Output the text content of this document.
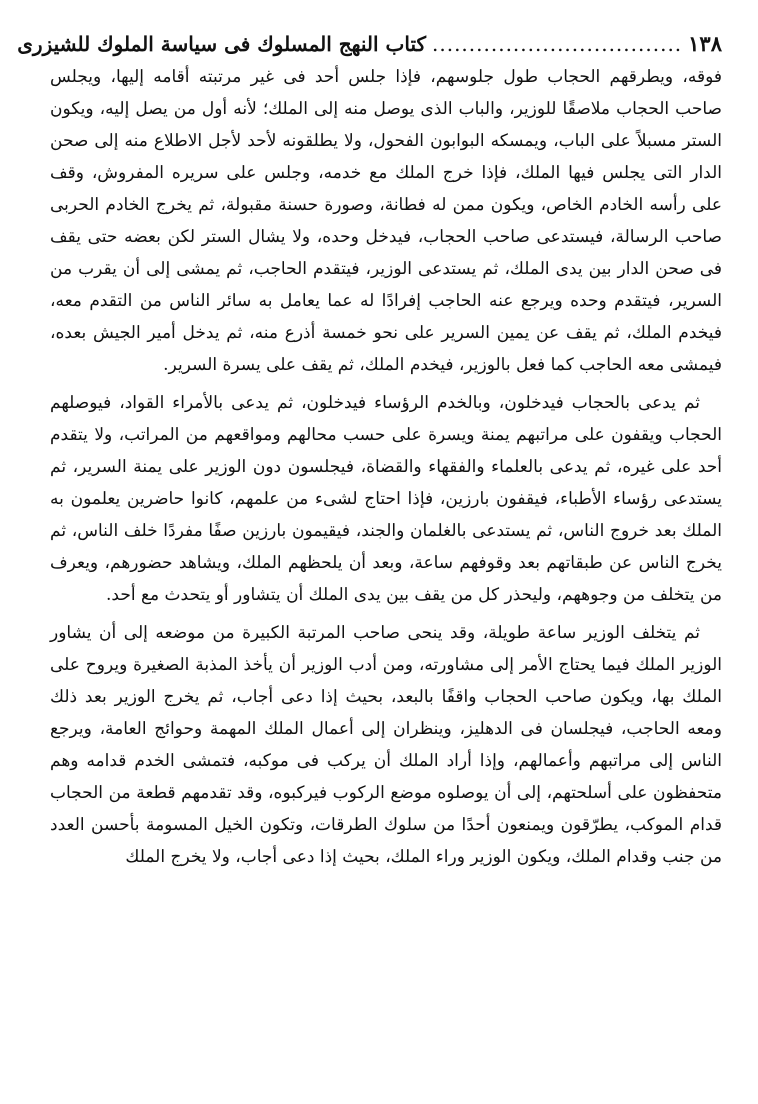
١٣٨
..................................
كتاب النهج المسلوك فى سياسة الملوك للشيزرى

فوقه، ويطرقهم الحجاب طول جلوسهم، فإذا جلس أحد فى غير مرتبته أقامه إليها، ويجلس صاحب الحجاب ملاصقًا للوزير، والباب الذى يوصل منه إلى الملك؛ لأنه أول من يصل إليه، ويكون الستر مسبلاً على الباب، ويمسكه البوابون الفحول، ولا يطلقونه لأحد لأجل الاطلاع منه إلى صحن الدار التى يجلس فيها الملك، فإذا خرج الملك مع خدمه، وجلس على سريره المفروش، وقف على رأسه الخادم الخاص، ويكون ممن له فطانة، وصورة حسنة مقبولة، ثم يخرج الخادم الحربى صاحب الرسالة، فيستدعى صاحب الحجاب، فيدخل وحده، ولا يشال الستر لكن بعضه حتى يقف فى صحن الدار بين يدى الملك، ثم يستدعى الوزير، فيتقدم الحاجب، ثم يمشى إلى أن يقرب من السرير، فيتقدم وحده ويرجع عنه الحاجب إفرادًا له عما يعامل به سائر الناس من التقدم معه، فيخدم الملك، ثم يقف عن يمين السرير على نحو خمسة أذرع منه، ثم يدخل أمير الجيش بعده، فيمشى معه الحاجب كما فعل بالوزير، فيخدم الملك، ثم يقف على يسرة السرير.

ثم يدعى بالحجاب فيدخلون، وبالخدم الرؤساء فيدخلون، ثم يدعى بالأمراء القواد، فيوصلهم الحجاب ويقفون على مراتبهم يمنة ويسرة على حسب محالهم ومواقعهم من المراتب، ولا يتقدم أحد على غيره، ثم يدعى بالعلماء والفقهاء والقضاة، فيجلسون دون الوزير على يمنة السرير، ثم يستدعى رؤساء الأطباء، فيقفون بارزين، فإذا احتاج لشىء من علمهم، كانوا حاضرين يعلمون به الملك بعد خروج الناس، ثم يستدعى بالغلمان والجند، فيقيمون بارزين صفًا مفردًا خلف الناس، ثم يخرج الناس عن طبقاتهم بعد وقوفهم ساعة، وبعد أن يلحظهم الملك، ويشاهد حضورهم، ويعرف من يتخلف من وجوههم، وليحذر كل من يقف بين يدى الملك أن يتشاور أو يتحدث مع أحد.

ثم يتخلف الوزير ساعة طويلة، وقد ينحى صاحب المرتبة الكبيرة من موضعه إلى أن يشاور الوزير الملك فيما يحتاج الأمر إلى مشاورته، ومن أدب الوزير أن يأخذ المذبة الصغيرة ويروح على الملك بها، ويكون صاحب الحجاب واقفًا بالبعد، بحيث إذا دعى أجاب، ثم يخرج الوزير بعد ذلك ومعه الحاجب، فيجلسان فى الدهليز، وينظران إلى أعمال الملك المهمة وحوائج العامة، ويرجع الناس إلى مراتبهم وأعمالهم، وإذا أراد الملك أن يركب فى موكبه، فتمشى الخدم قدامه وهم متحفظون على أسلحتهم، إلى أن يوصلوه موضع الركوب فيركبوه، وقد تقدمهم قطعة من الحجاب قدام الموكب، يطرّقون ويمنعون أحدًا من سلوك الطرقات، وتكون الخيل المسومة بأحسن العدد من جنب وقدام الملك، ويكون الوزير وراء الملك، بحيث إذا دعى أجاب، ولا يخرج الملك
